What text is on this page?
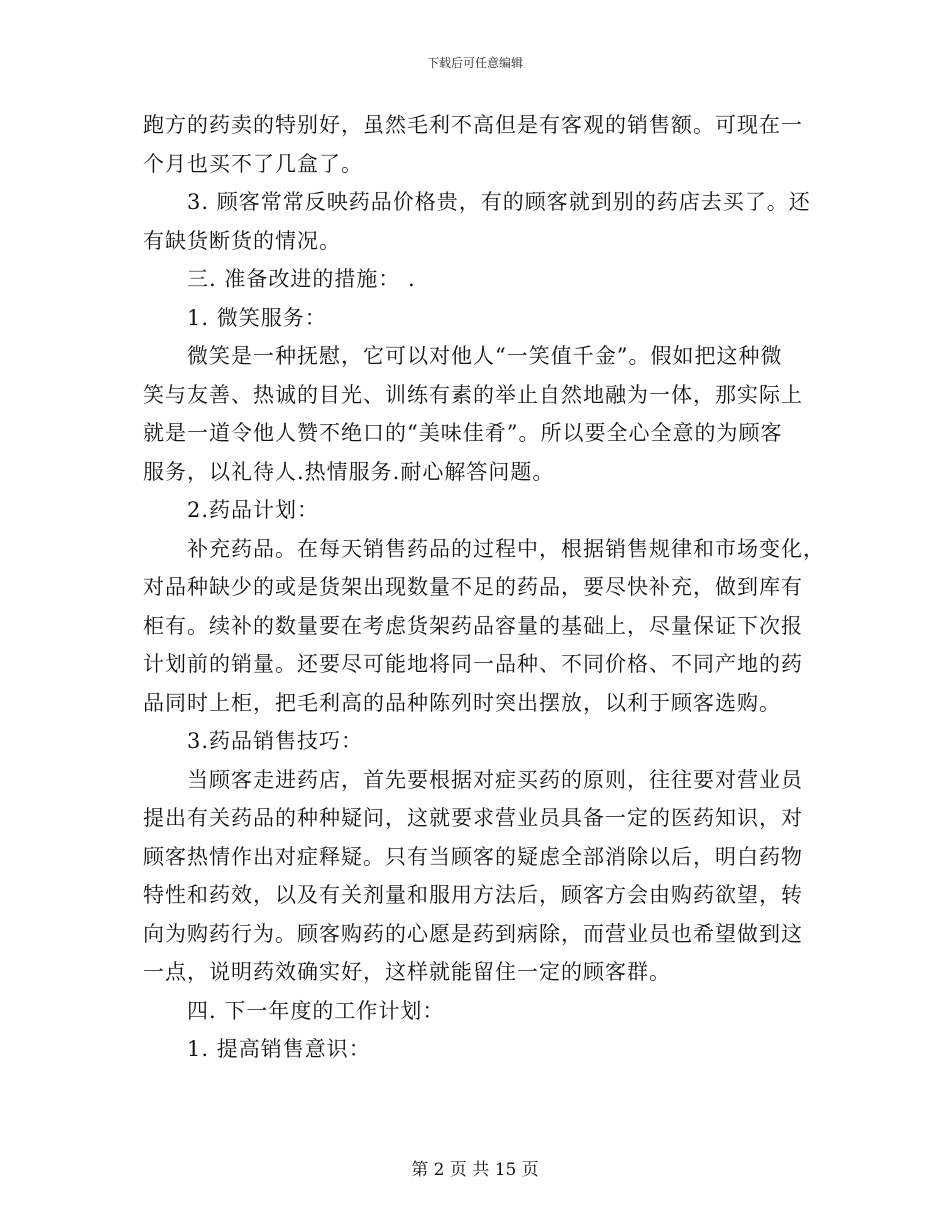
下载后可任意编辑
跑方的药卖的特别好，虽然毛利不高但是有客观的销售额。可现在一
个月也买不了几盒了。
3. 顾客常常反映药品价格贵，有的顾客就到别的药店去买了。还
有缺货断货的情况。
三. 准备改进的措施： .
1. 微笑服务：
微笑是一种抚慰，它可以对他人“一笑值千金”。假如把这种微
笑与友善、热诚的目光、训练有素的举止自然地融为一体，那实际上
就是一道令他人赞不绝口的“美味佳肴”。所以要全心全意的为顾客
服务，以礼待人.热情服务.耐心解答问题。
2.药品计划：
补充药品。在每天销售药品的过程中，根据销售规律和市场变化，
对品种缺少的或是货架出现数量不足的药品，要尽快补充，做到库有
柜有。续补的数量要在考虑货架药品容量的基础上，尽量保证下次报
计划前的销量。还要尽可能地将同一品种、不同价格、不同产地的药
品同时上柜，把毛利高的品种陈列时突出摆放，以利于顾客选购。
3.药品销售技巧：
当顾客走进药店，首先要根据对症买药的原则，往往要对营业员
提出有关药品的种种疑问，这就要求营业员具备一定的医药知识，对
顾客热情作出对症释疑。只有当顾客的疑虑全部消除以后，明白药物
特性和药效，以及有关剂量和服用方法后，顾客方会由购药欲望，转
向为购药行为。顾客购药的心愿是药到病除，而营业员也希望做到这
一点，说明药效确实好，这样就能留住一定的顾客群。
四. 下一年度的工作计划：
1. 提高销售意识：
第 2 页 共 15 页
